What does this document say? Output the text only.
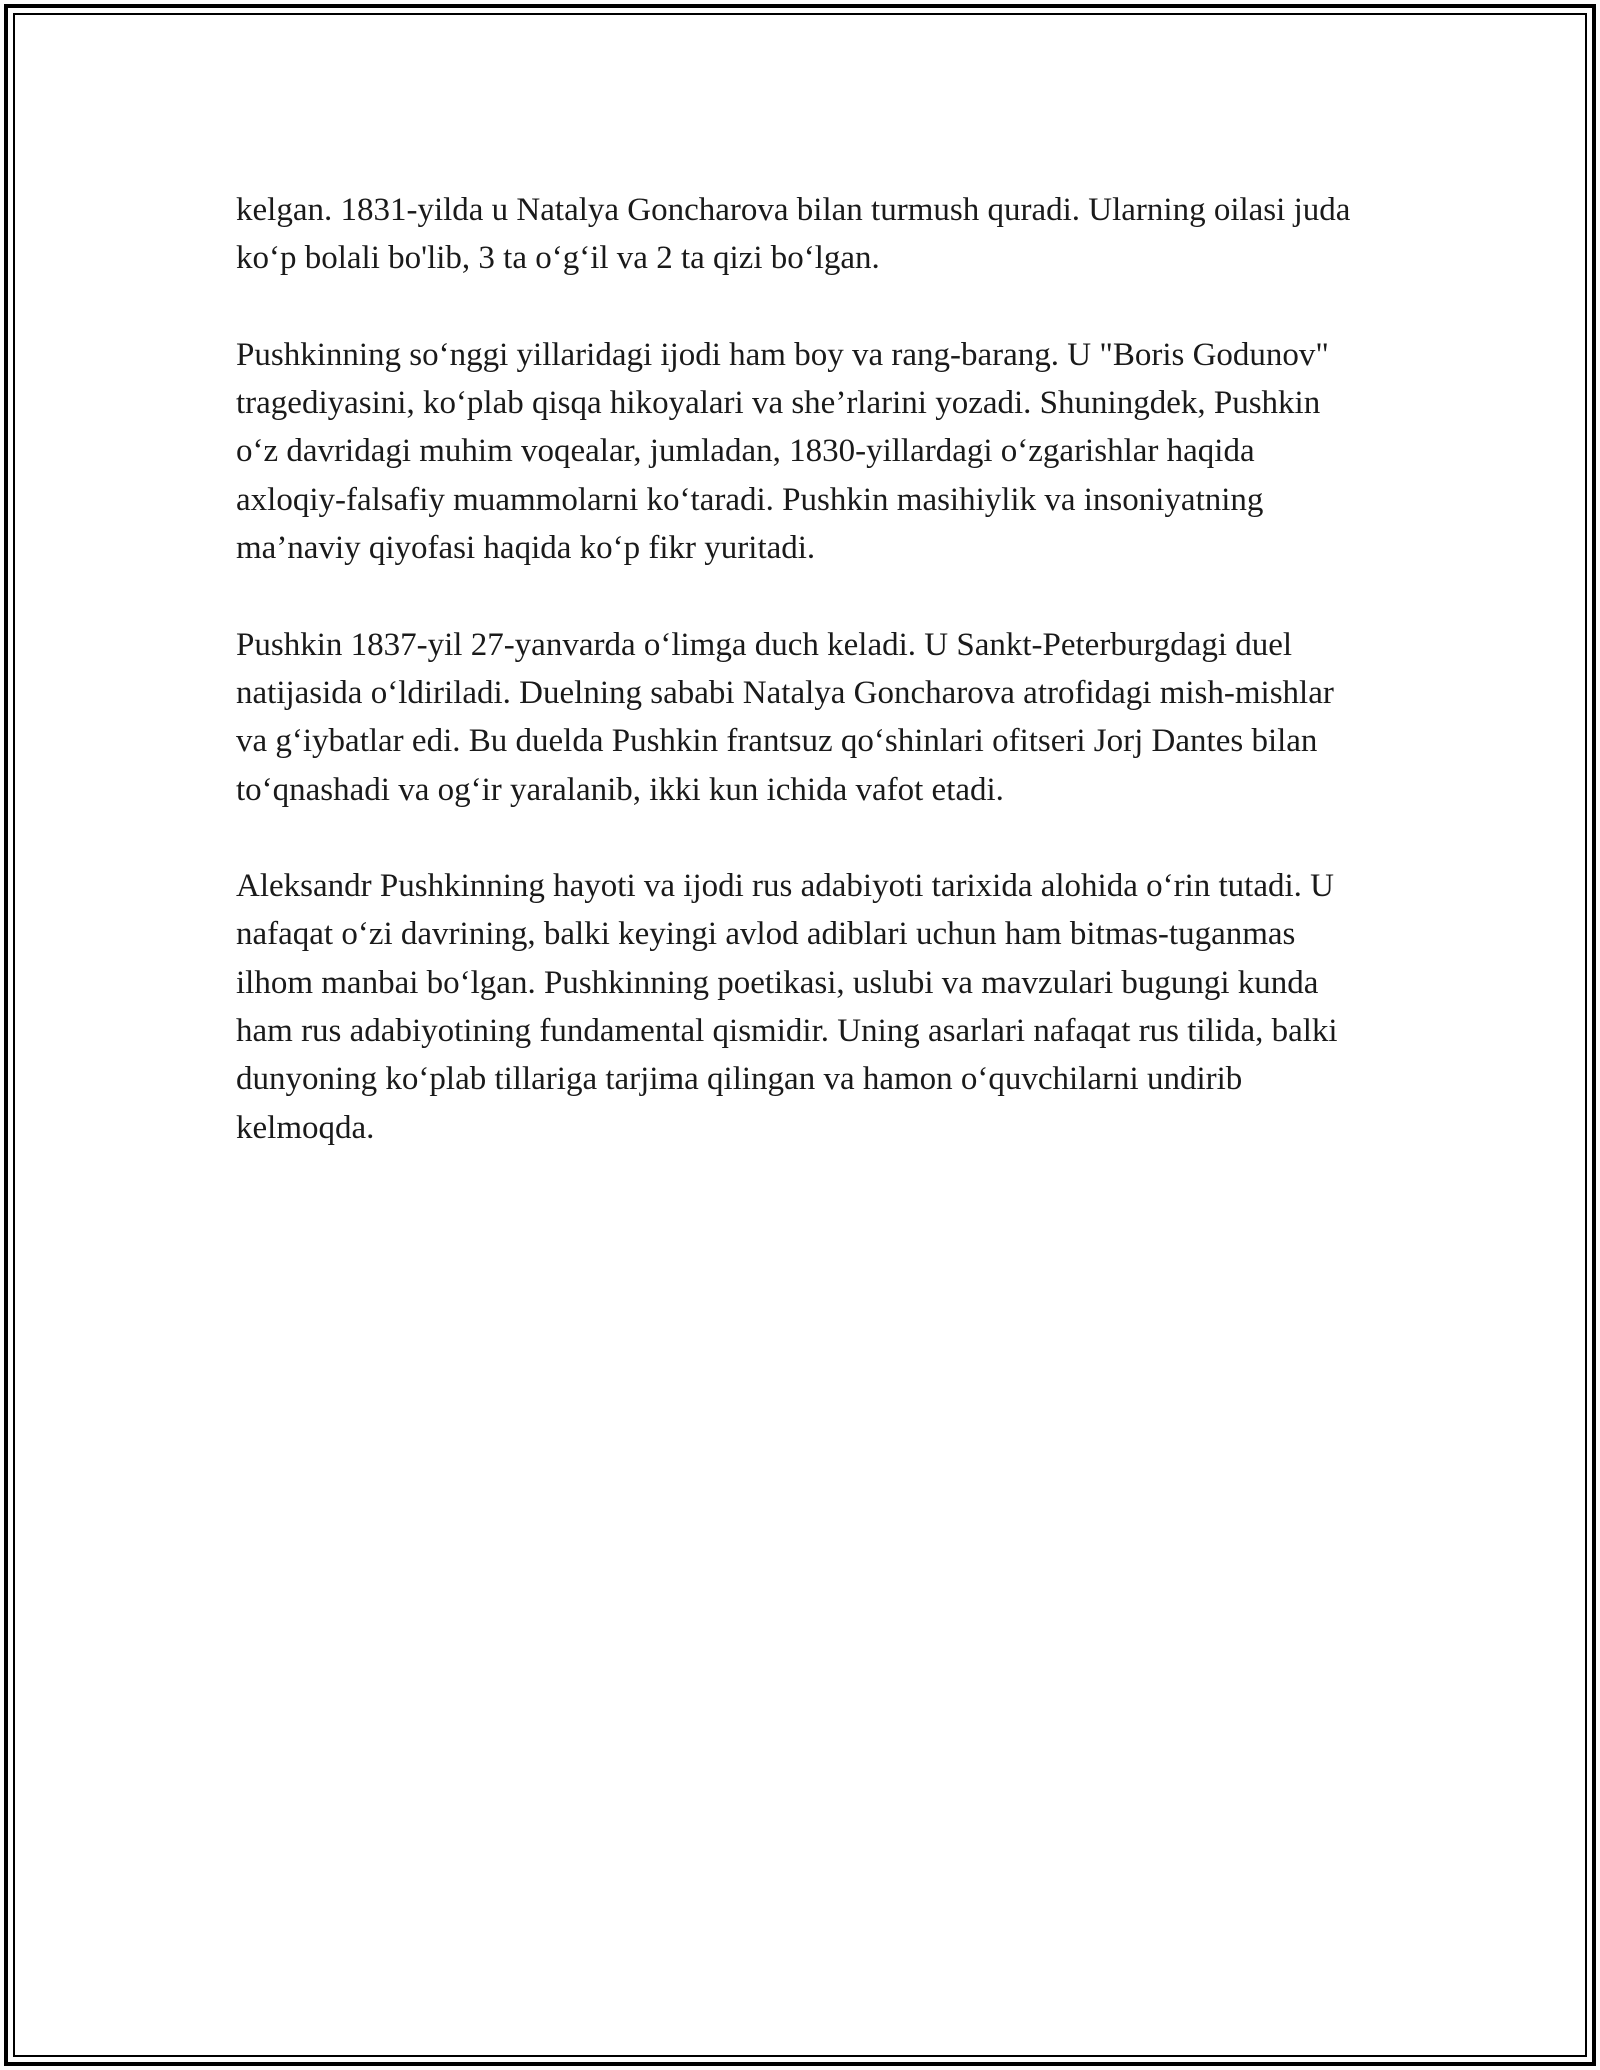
kelgan. 1831-yilda u Natalya Goncharova bilan turmush quradi. Ularning oilasi juda ko‘p bolali bo'lib, 3 ta o‘g‘il va 2 ta qizi bo‘lgan.

Pushkinning so‘nggi yillaridagi ijodi ham boy va rang-barang. U "Boris Godunov" tragediyasini, ko‘plab qisqa hikoyalari va she’rlarini yozadi. Shuningdek, Pushkin o‘z davridagi muhim voqealar, jumladan, 1830-yillardagi o‘zgarishlar haqida axloqiy-falsafiy muammolarni ko‘taradi. Pushkin masihiylik va insoniyatning ma’naviy qiyofasi haqida ko‘p fikr yuritadi.

Pushkin 1837-yil 27-yanvarda o‘limga duch keladi. U Sankt-Peterburgdagi duel natijasida o‘ldiriladi. Duelning sababi Natalya Goncharova atrofidagi mish-mishlar va g‘iybatlar edi. Bu duelda Pushkin frantsuz qo‘shinlari ofitseri Jorj Dantes bilan to‘qnashadi va og‘ir yaralanib, ikki kun ichida vafot etadi.

Aleksandr Pushkinning hayoti va ijodi rus adabiyoti tarixida alohida o‘rin tutadi. U nafaqat o‘zi davrining, balki keyingi avlod adiblari uchun ham bitmas-tuganmas ilhom manbai bo‘lgan. Pushkinning poetikasi, uslubi va mavzulari bugungi kunda ham rus adabiyotining fundamental qismidir. Uning asarlari nafaqat rus tilida, balki dunyoning ko‘plab tillariga tarjima qilingan va hamon o‘quvchilarni undirib kelmoqda.
